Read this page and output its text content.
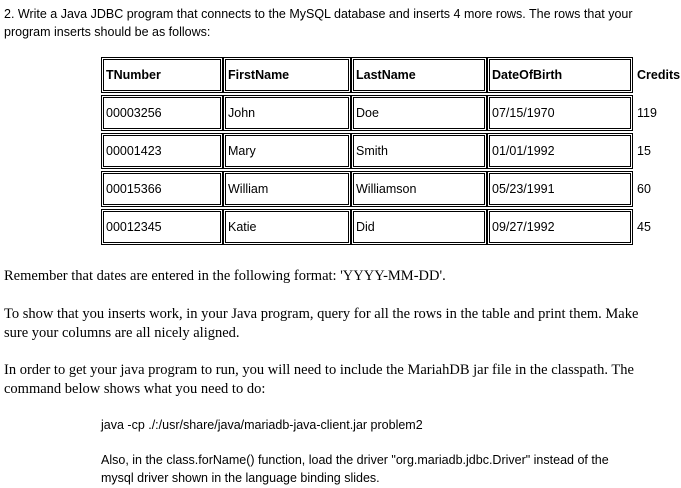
2. Write a Java JDBC program that connects to the MySQL database and inserts 4 more rows. The rows that your program inserts should be as follows:
TNumber	FirstName	LastName	DateOfBirth	Credits
00003256	John	Doe	07/15/1970	119
00001423	Mary	Smith	01/01/1992	15
00015366	William	Williamson	05/23/1991	60
00012345	Katie	Did	09/27/1992	45
Remember that dates are entered in the following format: 'YYYY-MM-DD'.
To show that you inserts work, in your Java program, query for all the rows in the table and print them. Make sure your columns are all nicely aligned.
In order to get your java program to run, you will need to include the MariahDB jar file in the classpath. The command below shows what you need to do:
java -cp ./:/usr/share/java/mariadb-java-client.jar problem2
Also, in the class.forName() function, load the driver "org.mariadb.jdbc.Driver" instead of the mysql driver shown in the language binding slides.
